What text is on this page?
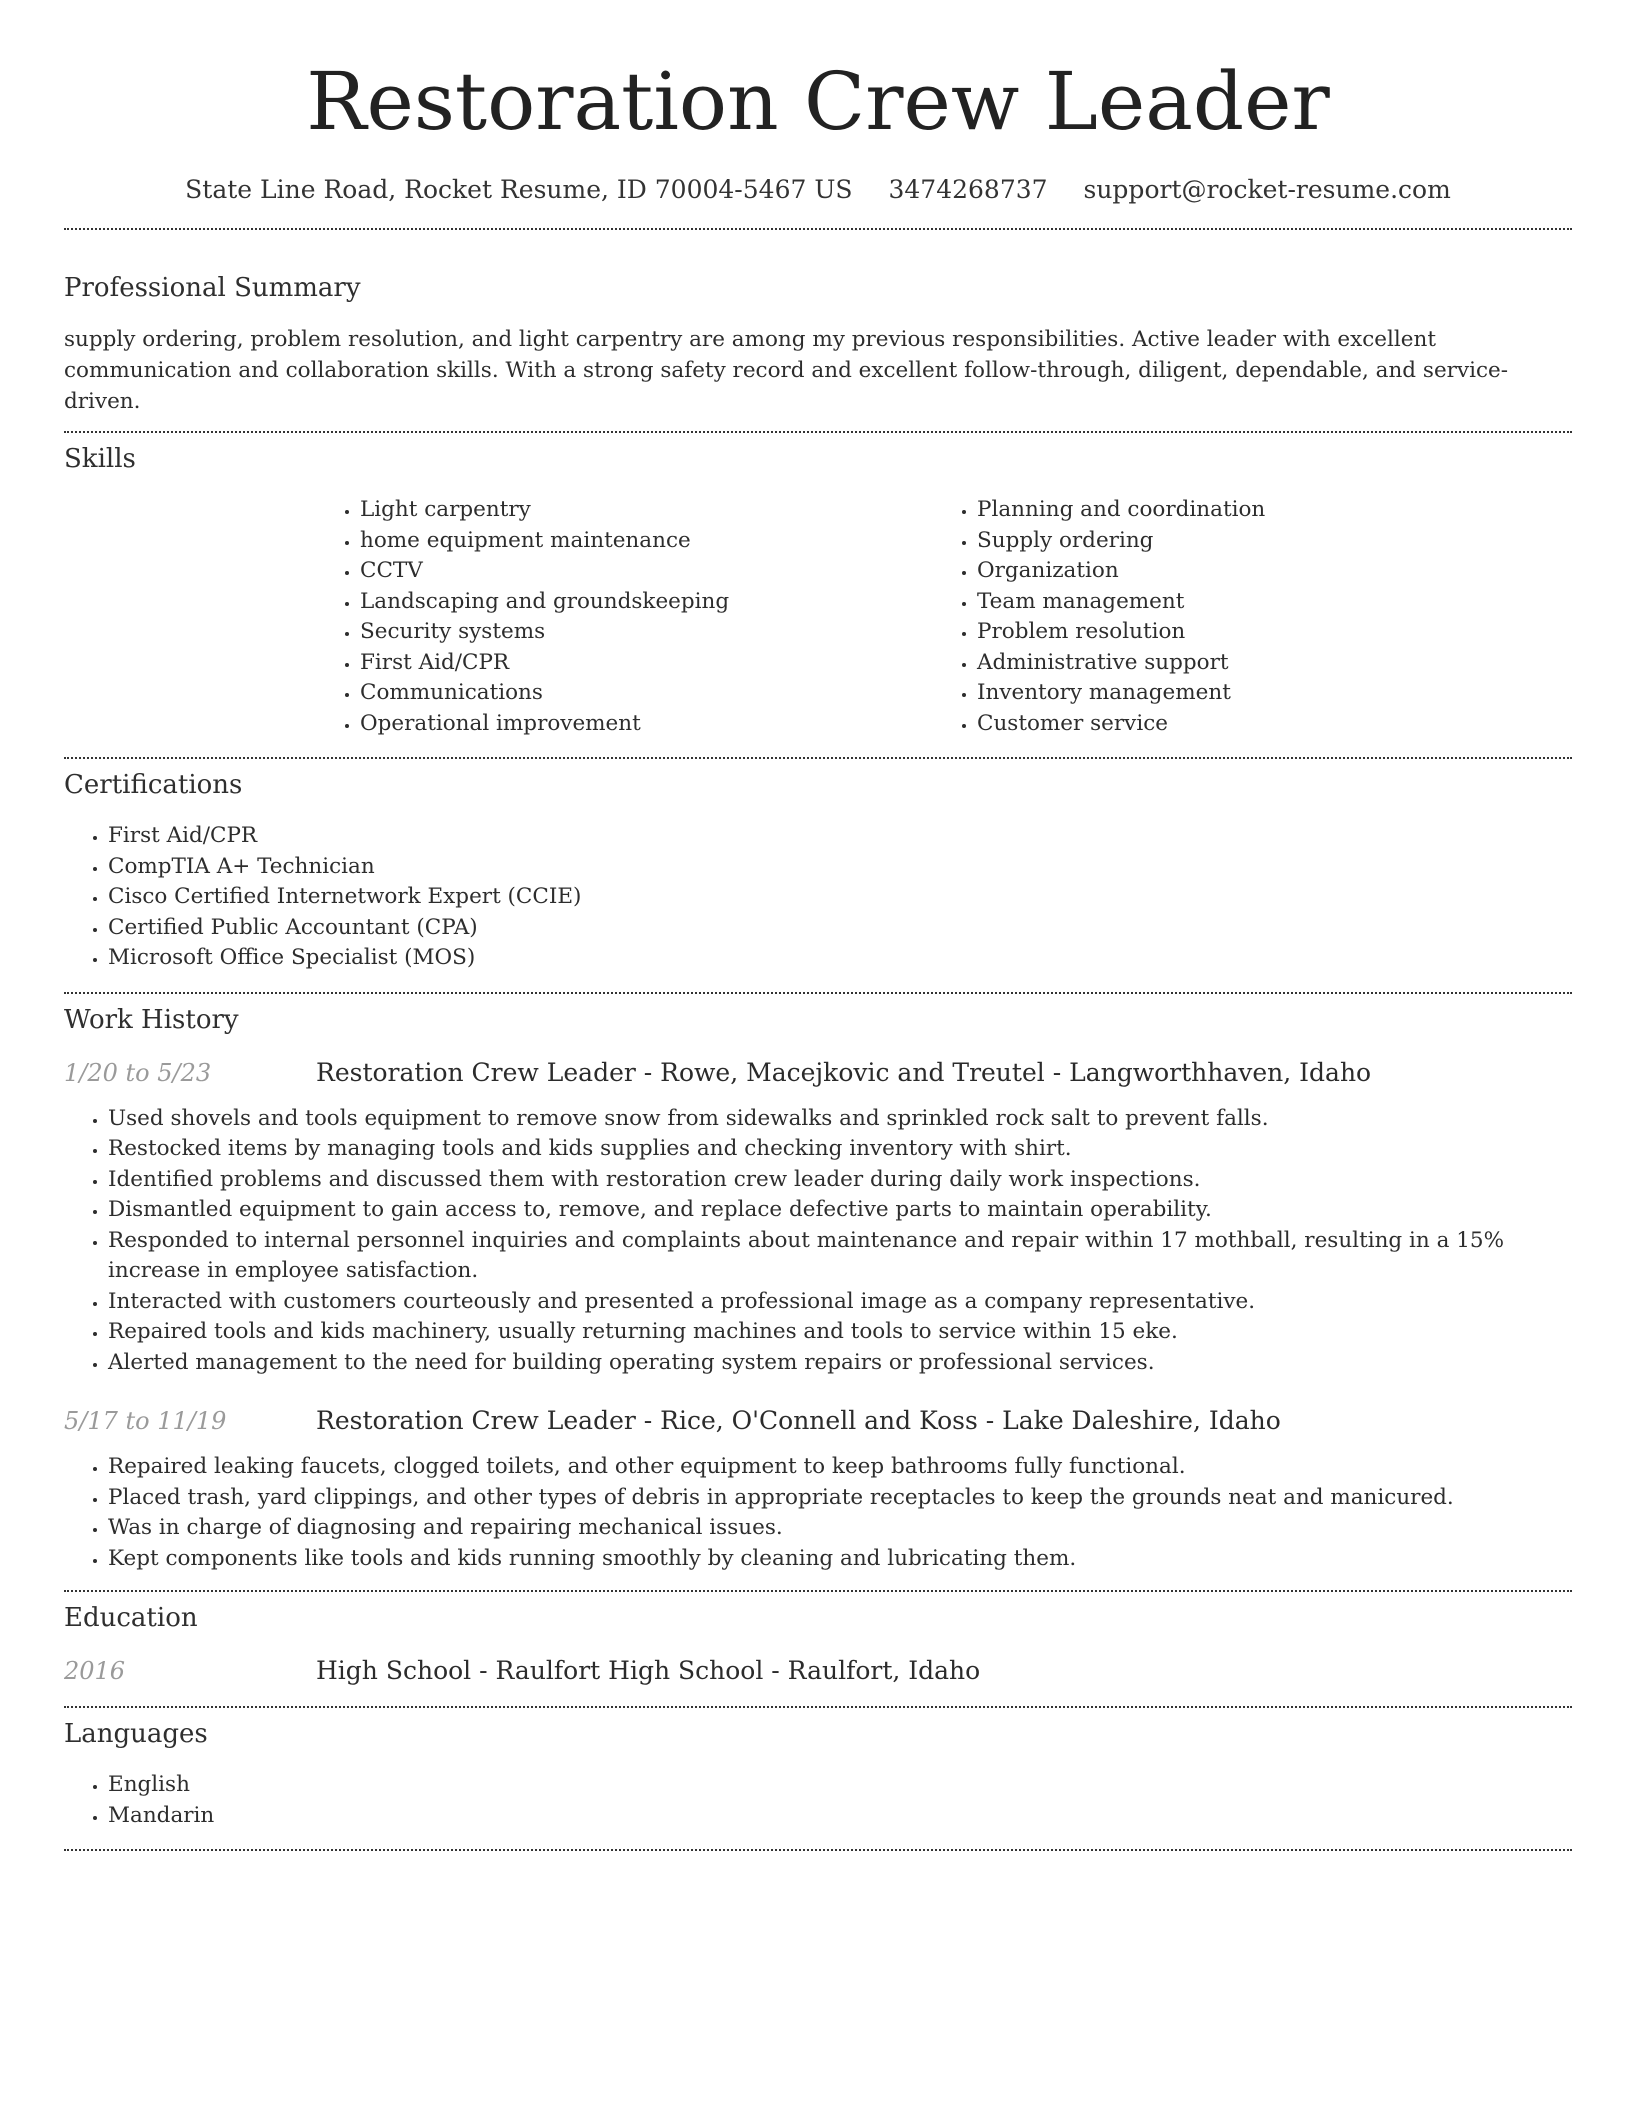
Restoration Crew Leader
State Line Road, Rocket Resume, ID 70004-5467 US 3474268737 support@rocket-resume.com
Professional Summary

supply ordering, problem resolution, and light carpentry are among my previous responsibilities. Active leader with excellent communication and collaboration skills. With a strong safety record and excellent follow-through, diligent, dependable, and service-driven.

Skills
• Light carpentry
• home equipment maintenance
• CCTV
• Landscaping and groundskeeping
• Security systems
• First Aid/CPR
• Communications
• Operational improvement
• Planning and coordination
• Supply ordering
• Organization
• Team management
• Problem resolution
• Administrative support
• Inventory management
• Customer service
Certifications
• First Aid/CPR
• CompTIA A+ Technician
• Cisco Certified Internetwork Expert (CCIE)
• Certified Public Accountant (CPA)
• Microsoft Office Specialist (MOS)
Work History
1/20 to 5/23	Restoration Crew Leader - Rowe, Macejkovic and Treutel - Langworthhaven, Idaho
• Used shovels and tools equipment to remove snow from sidewalks and sprinkled rock salt to prevent falls.
• Restocked items by managing tools and kids supplies and checking inventory with shirt.
• Identified problems and discussed them with restoration crew leader during daily work inspections.
• Dismantled equipment to gain access to, remove, and replace defective parts to maintain operability.
• Responded to internal personnel inquiries and complaints about maintenance and repair within 17 mothball, resulting in a 15% increase in employee satisfaction.
• Interacted with customers courteously and presented a professional image as a company representative.
• Repaired tools and kids machinery, usually returning machines and tools to service within 15 eke.
• Alerted management to the need for building operating system repairs or professional services.
5/17 to 11/19	Restoration Crew Leader - Rice, O'Connell and Koss - Lake Daleshire, Idaho
• Repaired leaking faucets, clogged toilets, and other equipment to keep bathrooms fully functional.
• Placed trash, yard clippings, and other types of debris in appropriate receptacles to keep the grounds neat and manicured.
• Was in charge of diagnosing and repairing mechanical issues.
• Kept components like tools and kids running smoothly by cleaning and lubricating them.
Education
2016	High School - Raulfort High School - Raulfort, Idaho
Languages
• English
• Mandarin
